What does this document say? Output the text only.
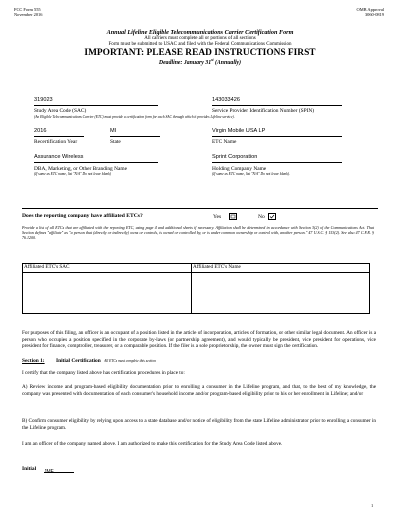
FCC Form 555
November 2016
OMB Approval
3060-0819
Annual Lifeline Eligible Telecommunications Carrier Certification Form
All carriers must complete all or portions of all sections
Form must be submitted to USAC and filed with the Federal Communications Commission
IMPORTANT: PLEASE READ INSTRUCTIONS FIRST
Deadline: January 31st (Annually)
319023	143033426
Study Area Code (SAC)	Service Provider Identification Number (SPIN)
(An Eligible Telecommunications Carrier (ETC) must provide a certification form for each SAC through which it provides Lifeline service).
2016	MI	Virgin Mobile USA LP
Recertification Year	State	ETC Name
Assurance Wireless	Sprint Corporation
DBA, Marketing, or Other Branding Name	Holding Company Name
(If same as ETC name, list "N/A" Do not leave blank)	(If same as ETC name, list "N/A" Do not leave blank).
Does the reporting company have affiliated ETCs?	Yes	No
Provide a list of all ETCs that are affiliated with the reporting ETC, using page 4 and additional sheets if necessary. Affiliation shall be determined in accordance with Section 3(2) of the Communications Act. That Section defines "affiliate" as "a person that (directly or indirectly) owns or controls, is owned or controlled by, or is under common ownership or control with, another person." 47 U.S.C. § 153(2). See also 47 C.F.R. § 76.1200.
Affiliated ETC's SAC	Affiliated ETC's Name

For purposes of this filing, an officer is an occupant of a position listed in the article of incorporation, articles of formation, or other similar legal document. An officer is a person who occupies a position specified in the corporate by-laws (or partnership agreement), and would typically be president, vice president for operations, vice president for finance, comptroller, treasurer, or a comparable position. If the filer is a sole proprietorship, the owner must sign the certification.
Section 1: Initial Certification All ETCs must complete this section
I certify that the company listed above has certification procedures in place to:
A) Review income and program-based eligibility documentation prior to enrolling a consumer in the Lifeline program, and that, to the best of my knowledge, the company was presented with documentation of each consumer's household income and/or program-based eligibility prior to his or her enrollment in Lifeline; and/or
B) Confirm consumer eligibility by relying upon access to a state database and/or notice of eligibility from the state Lifeline administrator prior to enrolling a consumer in the Lifeline program.
I am an officer of the company named above. I am authorized to make this certification for the Study Area Code listed above.
Initial JMF
1
